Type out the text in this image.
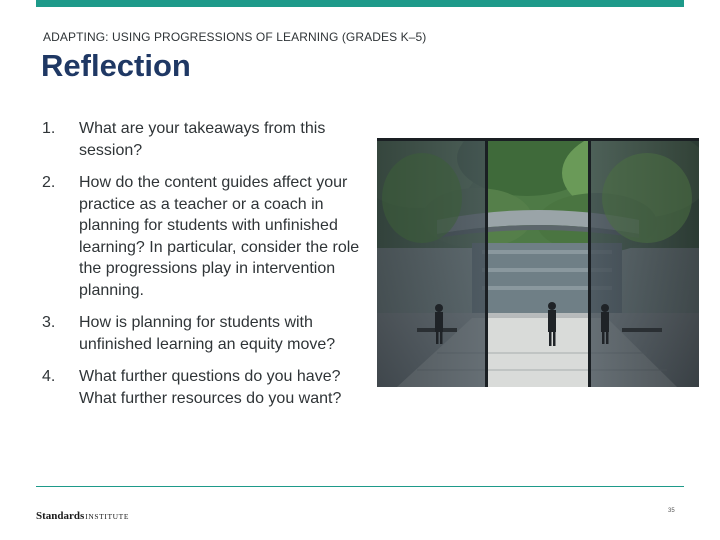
ADAPTING: USING PROGRESSIONS OF LEARNING (GRADES K–5)
Reflection
1.	What are your takeaways from this session?
2.	How do the content guides affect your practice as a teacher or a coach in planning for students with unfinished learning? In particular, consider the role the progressions play in intervention planning.
3.	How is planning for students with unfinished learning an equity move?
4.	What further questions do you have? What further resources do you want?
StandardsINSTITUTE
35
